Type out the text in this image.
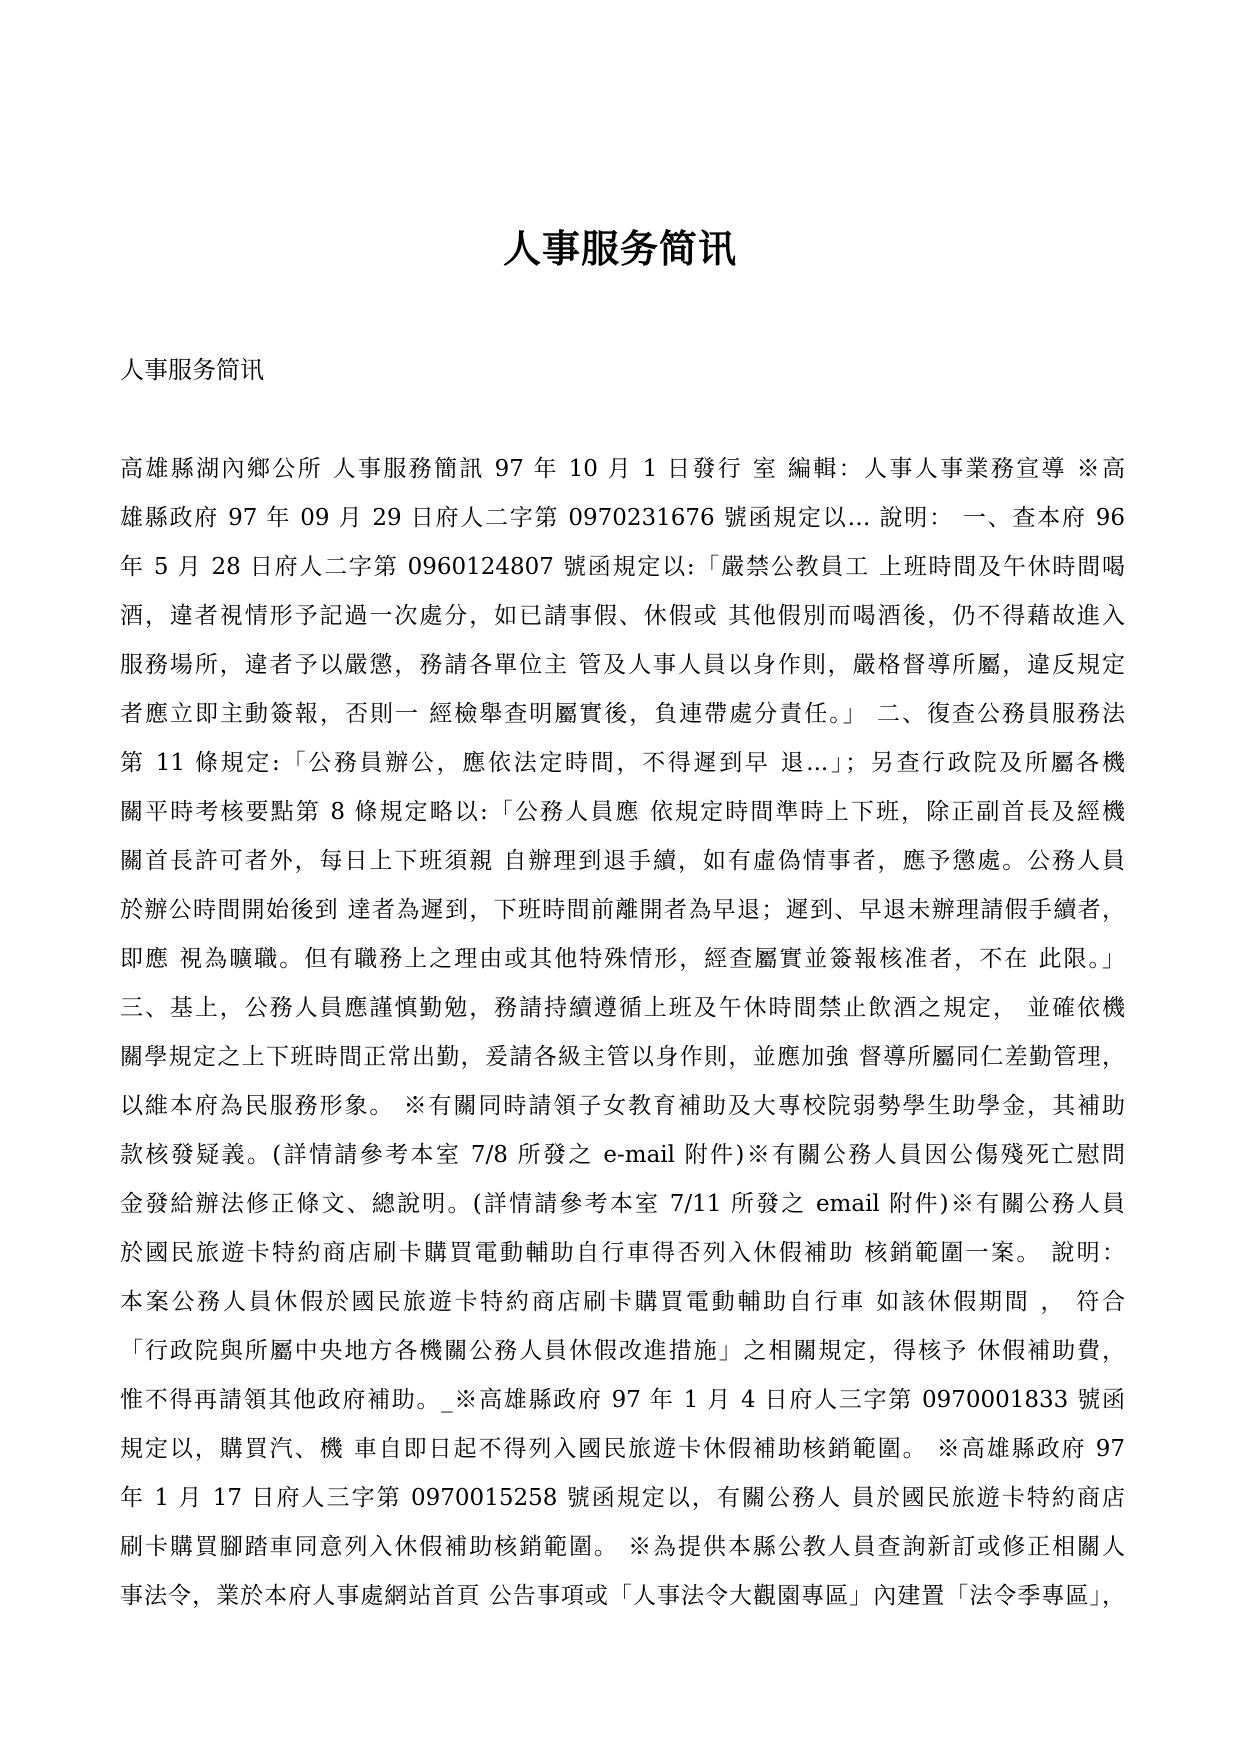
人事服务简讯
人事服务简讯
高雄縣湖內鄉公所 人事服務簡訊 97 年 10 月 1 日發行 室 編輯：人事人事業務宣導 ※高
雄縣政府 97 年 09 月 29 日府人二字第 0970231676 號函規定以… 說明： 一、查本府 96
年 5 月 28 日府人二字第 0960124807 號函規定以:「嚴禁公教員工 上班時間及午休時間喝
酒，違者視情形予記過一次處分，如已請事假、休假或 其他假別而喝酒後，仍不得藉故進入
服務場所，違者予以嚴懲，務請各單位主 管及人事人員以身作則，嚴格督導所屬，違反規定
者應立即主動簽報，否則一 經檢舉查明屬實後，負連帶處分責任。」 二、復查公務員服務法
第 11 條規定:「公務員辦公，應依法定時間，不得遲到早 退...」；另查行政院及所屬各機
關平時考核要點第 8 條規定略以:「公務人員應 依規定時間準時上下班，除正副首長及經機
關首長許可者外，每日上下班須親 自辦理到退手續，如有虛偽情事者，應予懲處。公務人員
於辦公時間開始後到 達者為遲到，下班時間前離開者為早退；遲到、早退未辦理請假手續者，
即應 視為曠職。但有職務上之理由或其他特殊情形，經查屬實並簽報核准者，不在 此限。」
三、基上，公務人員應謹慎勤勉，務請持續遵循上班及午休時間禁止飲酒之規定， 並確依機
關學規定之上下班時間正常出勤，爰請各級主管以身作則，並應加強 督導所屬同仁差勤管理，
以維本府為民服務形象。 ※有關同時請領子女教育補助及大專校院弱勢學生助學金，其補助
款核發疑義。(詳情請參考本室 7/8 所發之 e-mail 附件)※有關公務人員因公傷殘死亡慰問
金發給辦法修正條文、總說明。(詳情請參考本室 7/11 所發之 email 附件)※有關公務人員
於國民旅遊卡特約商店刷卡購買電動輔助自行車得否列入休假補助 核銷範圍一案。 說明：
本案公務人員休假於國民旅遊卡特約商店刷卡購買電動輔助自行車 如該休假期間 ， 符合
「行政院與所屬中央地方各機關公務人員休假改進措施」之相關規定，得核予 休假補助費，
惟不得再請領其他政府補助。_※高雄縣政府 97 年 1 月 4 日府人三字第 0970001833 號函
規定以，購買汽、機 車自即日起不得列入國民旅遊卡休假補助核銷範圍。 ※高雄縣政府 97
年 1 月 17 日府人三字第 0970015258 號函規定以，有關公務人 員於國民旅遊卡特約商店
刷卡購買腳踏車同意列入休假補助核銷範圍。 ※為提供本縣公教人員查詢新訂或修正相關人
事法令，業於本府人事處網站首頁 公告事項或「人事法令大觀園專區」內建置「法令季專區」，
